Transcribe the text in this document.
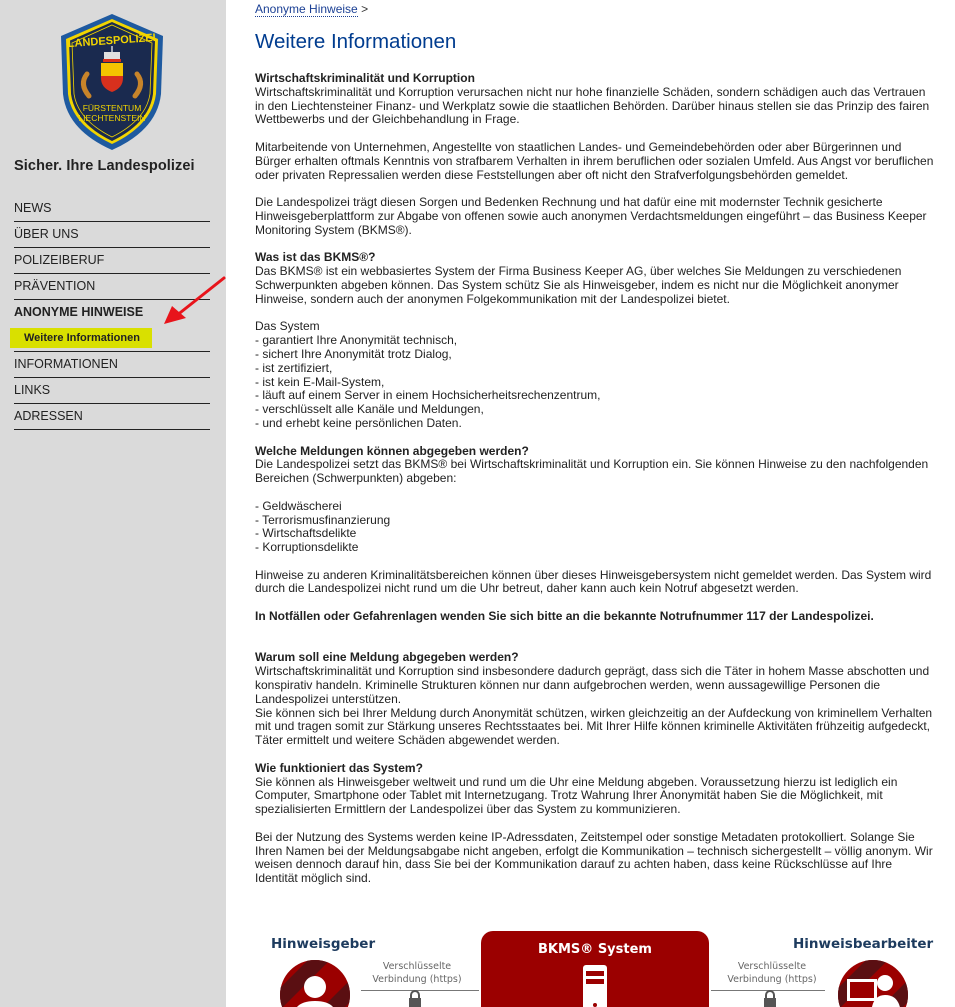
LANDESPOLIZEI
FÜRSTENTUM
LIECHTENSTEIN
Sicher. Ihre Landespolizei
NEWS
ÜBER UNS
POLIZEIBERUF
PRÄVENTION
ANONYME HINWEISE
Weitere Informationen
INFORMATIONEN
LINKS
ADRESSEN
Anonyme Hinweise >
Weitere Informationen
Wirtschaftskriminalität und Korruption

Wirtschaftskriminalität und Korruption verursachen nicht nur hohe finanzielle Schäden, sondern schädigen auch das Vertrauen in den Liechtensteiner Finanz- und Werkplatz sowie die staatlichen Behörden. Darüber hinaus stellen sie das Prinzip des fairen Wettbewerbs und der Gleichbehandlung in Frage.

Mitarbeitende von Unternehmen, Angestellte von staatlichen Landes- und Gemeindebehörden oder aber Bürgerinnen und Bürger erhalten oftmals Kenntnis von strafbarem Verhalten in ihrem beruflichen oder sozialen Umfeld. Aus Angst vor beruflichen oder privaten Repressalien werden diese Feststellungen aber oft nicht den Strafverfolgungsbehörden gemeldet.

Die Landespolizei trägt diesen Sorgen und Bedenken Rechnung und hat dafür eine mit modernster Technik gesicherte Hinweisgeberplattform zur Abgabe von offenen sowie auch anonymen Verdachtsmeldungen eingeführt – das Business Keeper Monitoring System (BKMS®).

Was ist das BKMS®?

Das BKMS® ist ein webbasiertes System der Firma Business Keeper AG, über welches Sie Meldungen zu verschiedenen Schwerpunkten abgeben können. Das System schütz Sie als Hinweisgeber, indem es nicht nur die Möglichkeit anonymer Hinweise, sondern auch der anonymen Folgekommunikation mit der Landespolizei bietet.

Das System

- garantiert Ihre Anonymität technisch,

- sichert Ihre Anonymität trotz Dialog,

- ist zertifiziert,

- ist kein E-Mail-System,

- läuft auf einem Server in einem Hochsicherheitsrechenzentrum,

- verschlüsselt alle Kanäle und Meldungen,

- und erhebt keine persönlichen Daten.

Welche Meldungen können abgegeben werden?

Die Landespolizei setzt das BKMS® bei Wirtschaftskriminalität und Korruption ein. Sie können Hinweise zu den nachfolgenden Bereichen (Schwerpunkten) abgeben:

- Geldwäscherei

- Terrorismusfinanzierung

- Wirtschaftsdelikte

- Korruptionsdelikte

Hinweise zu anderen Kriminalitätsbereichen können über dieses Hinweisgebersystem nicht gemeldet werden. Das System wird durch die Landespolizei nicht rund um die Uhr betreut, daher kann auch kein Notruf abgesetzt werden.

In Notfällen oder Gefahrenlagen wenden Sie sich bitte an die bekannte Notrufnummer 117 der Landespolizei.

Warum soll eine Meldung abgegeben werden?

Wirtschaftskriminalität und Korruption sind insbesondere dadurch geprägt, dass sich die Täter in hohem Masse abschotten und konspirativ handeln. Kriminelle Strukturen können nur dann aufgebrochen werden, wenn aussagewillige Personen die Landespolizei unterstützen.

Sie können sich bei Ihrer Meldung durch Anonymität schützen, wirken gleichzeitig an der Aufdeckung von kriminellem Verhalten mit und tragen somit zur Stärkung unseres Rechtsstaates bei. Mit Ihrer Hilfe können kriminelle Aktivitäten frühzeitig aufgedeckt, Täter ermittelt und weitere Schäden abgewendet werden.

Wie funktioniert das System?

Sie können als Hinweisgeber weltweit und rund um die Uhr eine Meldung abgeben. Voraussetzung hierzu ist lediglich ein Computer, Smartphone oder Tablet mit Internetzugang. Trotz Wahrung Ihrer Anonymität haben Sie die Möglichkeit, mit spezialisierten Ermittlern der Landespolizei über das System zu kommunizieren.

Bei der Nutzung des Systems werden keine IP-Adressdaten, Zeitstempel oder sonstige Metadaten protokolliert. Solange Sie Ihren Namen bei der Meldungsabgabe nicht angeben, erfolgt die Kommunikation – technisch sichergestellt – völlig anonym. Wir weisen dennoch darauf hin, dass Sie bei der Kommunikation darauf zu achten haben, dass keine Rückschlüsse auf Ihre Identität möglich sind.

Hinweisgeber	Hinweisbearbeiter
Verschlüsselte
Verbindung (https)
BKMS® System
Verschlüsselte
Verbindung (https)
